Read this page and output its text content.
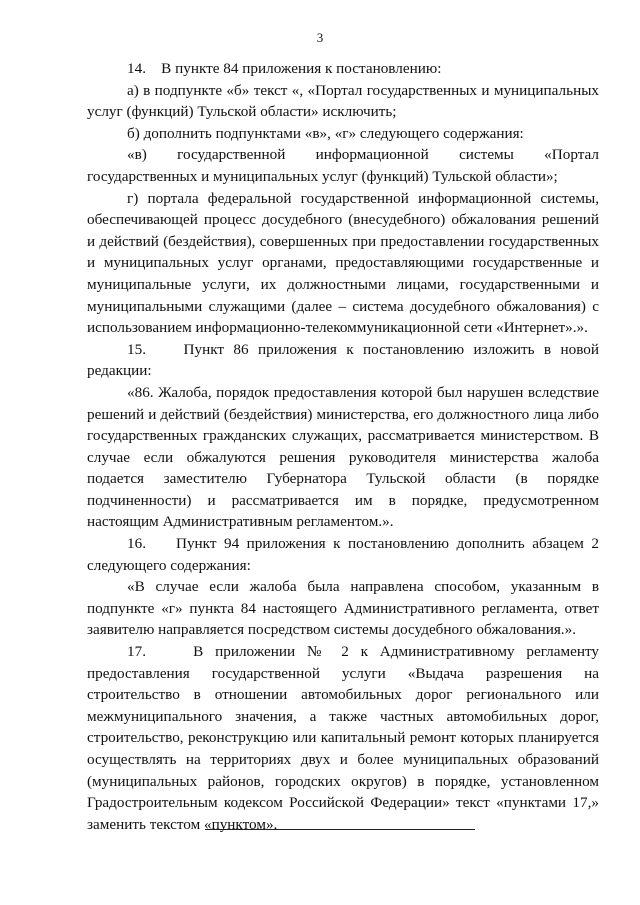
3

14.    В пункте 84 приложения к постановлению:

а) в подпункте «б» текст «, «Портал государственных и муниципальных услуг (функций) Тульской области» исключить;

б) дополнить подпунктами «в», «г» следующего содержания:

«в) государственной информационной системы «Портал государственных и муниципальных услуг (функций) Тульской области»;

г) портала федеральной государственной информационной системы, обеспечивающей процесс досудебного (внесудебного) обжалования решений и действий (бездействия), совершенных при предоставлении государственных и муниципальных услуг органами, предоставляющими государственные и муниципальные услуги, их должностными лицами, государственными и муниципальными служащими (далее – система досудебного обжалования) с использованием информационно-телекоммуникационной сети «Интернет».».

15.    Пункт 86 приложения к постановлению изложить в новой редакции:

«86. Жалоба, порядок предоставления которой был нарушен вследствие решений и действий (бездействия) министерства, его должностного лица либо государственных гражданских служащих, рассматривается министерством. В случае если обжалуются решения руководителя министерства жалоба подается заместителю Губернатора Тульской области (в порядке подчиненности) и рассматривается им в порядке, предусмотренном настоящим Административным регламентом.».

16.    Пункт 94 приложения к постановлению дополнить абзацем 2 следующего содержания:

«В случае если жалоба была направлена способом, указанным в подпункте «г» пункта 84 настоящего Административного регламента, ответ заявителю направляется посредством системы досудебного обжалования.».

17.    В приложении № 2 к Административному регламенту предоставления государственной услуги «Выдача разрешения на строительство в отношении автомобильных дорог регионального или межмуниципального значения, а также частных автомобильных дорог, строительство, реконструкцию или капитальный ремонт которых планируется осуществлять на территориях двух и более муниципальных образований (муниципальных районов, городских округов) в порядке, установленном Градостроительным кодексом Российской Федерации» текст «пунктами 17,» заменить текстом «пунктом».
